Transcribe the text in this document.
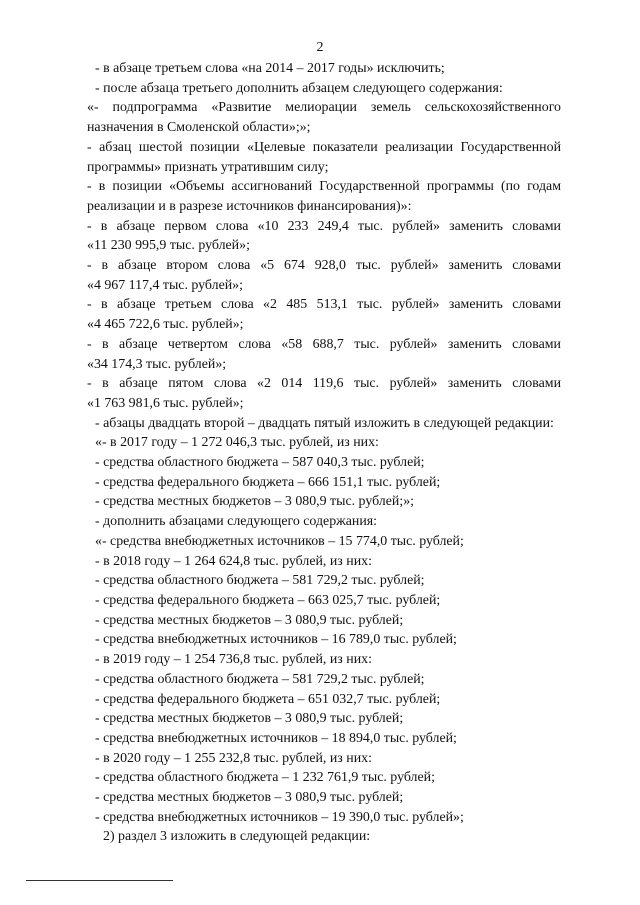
2

- в абзаце третьем слова «на 2014 – 2017 годы» исключить;

- после абзаца третьего дополнить абзацем следующего содержания:

«- подпрограмма «Развитие мелиорации земель сельскохозяйственного

назначения в Смоленской области»;»;

- абзац шестой позиции «Целевые показатели реализации Государственной

программы» признать утратившим силу;

- в позиции «Объемы ассигнований Государственной программы (по годам

реализации и в разрезе источников финансирования)»:

- в абзаце первом слова «10 233 249,4 тыс. рублей» заменить словами

«11 230 995,9 тыс. рублей»;

- в абзаце втором слова «5 674 928,0 тыс. рублей» заменить словами

«4 967 117,4 тыс. рублей»;

- в абзаце третьем слова «2 485 513,1 тыс. рублей» заменить словами

«4 465 722,6 тыс. рублей»;

- в абзаце четвертом слова «58 688,7 тыс. рублей» заменить словами

«34 174,3 тыс. рублей»;

- в абзаце пятом слова «2 014 119,6 тыс. рублей» заменить словами

«1 763 981,6 тыс. рублей»;

- абзацы двадцать второй – двадцать пятый изложить в следующей редакции:

«- в 2017 году – 1 272 046,3 тыс. рублей, из них:

- средства областного бюджета – 587 040,3 тыс. рублей;

- средства федерального бюджета – 666 151,1 тыс. рублей;

- средства местных бюджетов – 3 080,9 тыс. рублей;»;

- дополнить абзацами следующего содержания:

«- средства внебюджетных источников – 15 774,0 тыс. рублей;

- в 2018 году – 1 264 624,8 тыс. рублей, из них:

- средства областного бюджета – 581 729,2 тыс. рублей;

- средства федерального бюджета – 663 025,7 тыс. рублей;

- средства местных бюджетов – 3 080,9 тыс. рублей;

- средства внебюджетных источников – 16 789,0 тыс. рублей;

- в 2019 году – 1 254 736,8 тыс. рублей, из них:

- средства областного бюджета – 581 729,2 тыс. рублей;

- средства федерального бюджета – 651 032,7 тыс. рублей;

- средства местных бюджетов – 3 080,9 тыс. рублей;

- средства внебюджетных источников – 18 894,0 тыс. рублей;

- в 2020 году – 1 255 232,8 тыс. рублей, из них:

- средства областного бюджета – 1 232 761,9 тыс. рублей;

- средства местных бюджетов – 3 080,9 тыс. рублей;

- средства внебюджетных источников – 19 390,0 тыс. рублей»;

2) раздел 3 изложить в следующей редакции:
